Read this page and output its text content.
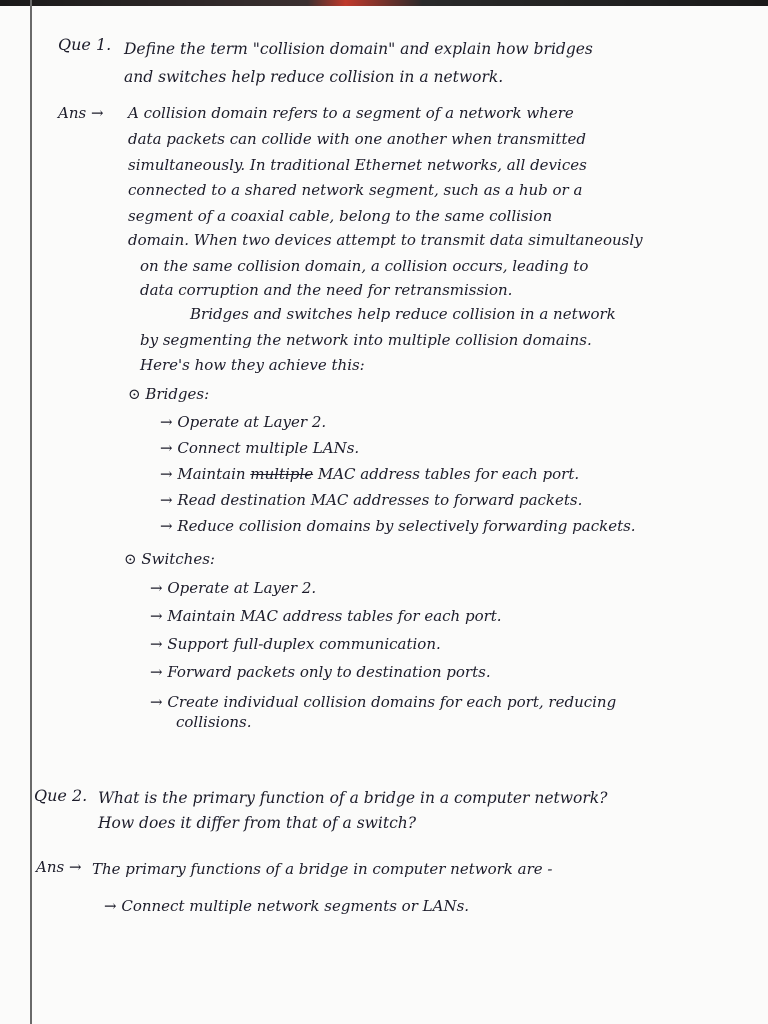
Que 1. Define the term "collision domain" and explain how bridges
and switches help reduce collision in a network.
Ans → A collision domain refers to a segment of a network where
data packets can collide with one another when transmitted
simultaneously. In traditional Ethernet networks, all devices
connected to a shared network segment, such as a hub or a
segment of a coaxial cable, belong to the same collision
domain. When two devices attempt to transmit data simultaneously
on the same collision domain, a collision occurs, leading to
data corruption and the need for retransmission.
Bridges and switches help reduce collision in a network
by segmenting the network into multiple collision domains.
Here's how they achieve this:
⊙ Bridges:
→ Operate at Layer 2.
→ Connect multiple LANs.
→ Maintain multiple MAC address tables for each port.
→ Read destination MAC addresses to forward packets.
→ Reduce collision domains by selectively forwarding packets.
⊙ Switches:
→ Operate at Layer 2.
→ Maintain MAC address tables for each port.
→ Support full-duplex communication.
→ Forward packets only to destination ports.
→ Create individual collision domains for each port, reducing
collisions.
Que 2. What is the primary function of a bridge in a computer network?
How does it differ from that of a switch?
Ans → The primary functions of a bridge in computer network are -
→ Connect multiple network segments or LANs.
